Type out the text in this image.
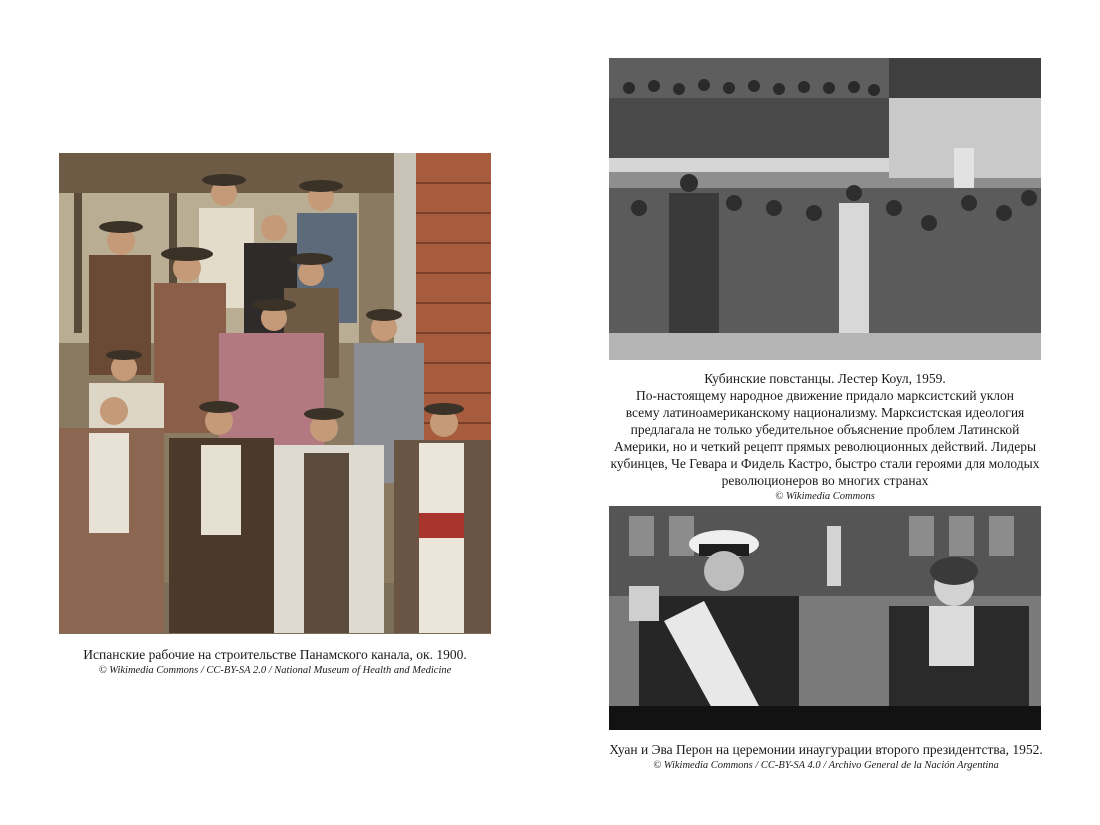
Испанские рабочие на строительстве Панамского канала, ок. 1900.
© Wikimedia Commons / CC-BY-SA 2.0 / National Museum of Health and Medicine
Кубинские повстанцы. Лестер Коул, 1959.
По-настоящему народное движение придало марксистский уклон
всему латиноамериканскому национализму. Марксистская идеология
предлагала не только убедительное объяснение проблем Латинской
Америки, но и четкий рецепт прямых революционных действий. Лидеры
кубинцев, Че Гевара и Фидель Кастро, быстро стали героями для молодых
революционеров во многих странах
© Wikimedia Commons
Хуан и Эва Перон на церемонии инаугурации второго президентства, 1952.
© Wikimedia Commons / CC-BY-SA 4.0 / Archivo General de la Nación Argentina
